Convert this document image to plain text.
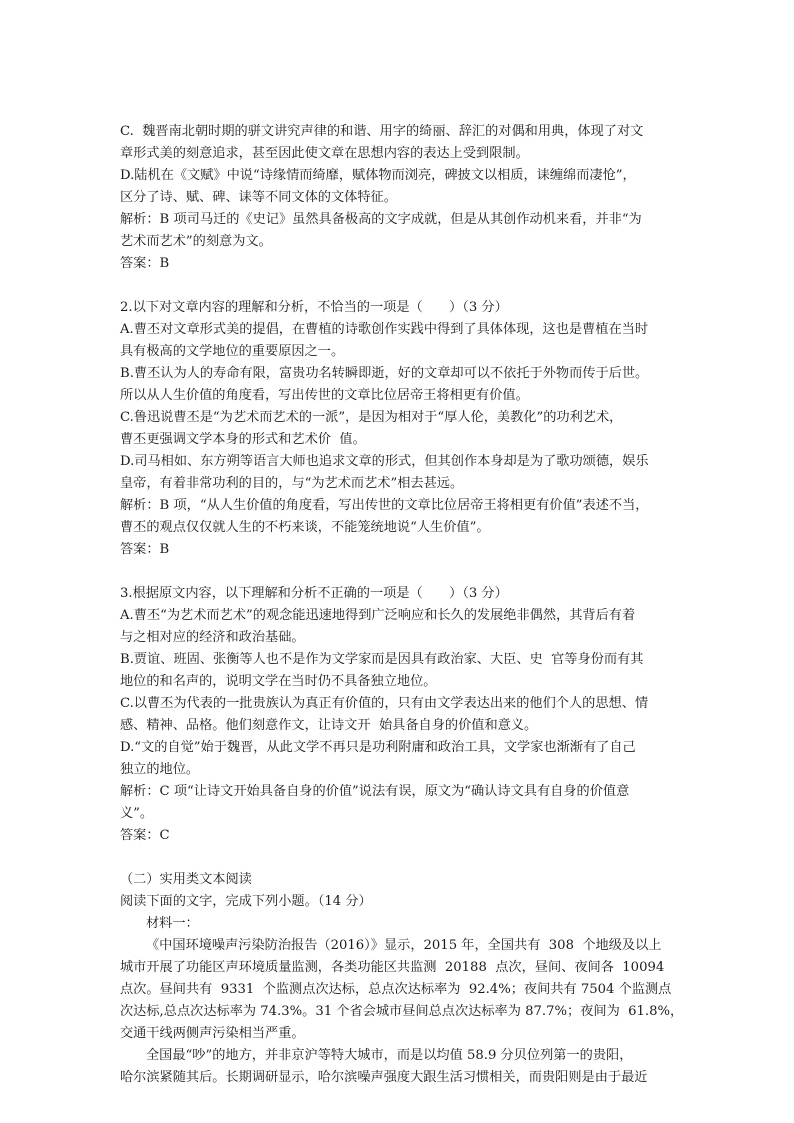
C.  魏晋南北朝时期的骈文讲究声律的和谐、用字的绮丽、辞汇的对偶和用典，体现了对文
章形式美的刻意追求，甚至因此使文章在思想内容的表达上受到限制。
D.陆机在《文赋》中说“诗缘情而绮靡，赋体物而浏亮，碑披文以相质，诔缠绵而凄怆”，
区分了诗、赋、碑、诔等不同文体的文体特征。
解析：B 项司马迁的《史记》虽然具备极高的文字成就，但是从其创作动机来看，并非“为
艺术而艺术”的刻意为文。
答案：B
2.以下对文章内容的理解和分析，不恰当的一项是（　　）（3 分）
A.曹丕对文章形式美的提倡，在曹植的诗歌创作实践中得到了具体体现，这也是曹植在当时
具有极高的文学地位的重要原因之一。
B.曹丕认为人的寿命有限，富贵功名转瞬即逝，好的文章却可以不依托于外物而传于后世。
所以从人生价值的角度看，写出传世的文章比位居帝王将相更有价值。
C.鲁迅说曹丕是“为艺术而艺术的一派”，是因为相对于“厚人伦，美教化”的功利艺术，
曹丕更强调文学本身的形式和艺术价  值。
D.司马相如、东方朔等语言大师也追求文章的形式，但其创作本身却是为了歌功颂德，娱乐
皇帝，有着非常功利的目的，与“为艺术而艺术”相去甚远。
解析：B 项，“从人生价值的角度看，写出传世的文章比位居帝王将相更有价值”表述不当，
曹丕的观点仅仅就人生的不朽来谈，不能笼统地说“人生价值”。
答案：B
3.根据原文内容，以下理解和分析不正确的一项是（　　）（3 分）
A.曹丕“为艺术而艺术”的观念能迅速地得到广泛响应和长久的发展绝非偶然，其背后有着
与之相对应的经济和政治基础。
B.贾谊、班固、张衡等人也不是作为文学家而是因具有政治家、大臣、史  官等身份而有其
地位的和名声的，说明文学在当时仍不具备独立地位。
C.以曹丕为代表的一批贵族认为真正有价值的，只有由文学表达出来的他们个人的思想、情
感、精神、品格。他们刻意作文，让诗文开  始具备自身的价值和意义。
D.“文的自觉”始于魏晋，从此文学不再只是功利附庸和政治工具，文学家也渐渐有了自己
独立的地位。
解析：C 项“让诗文开始具备自身的价值”说法有误，原文为“确认诗文具有自身的价值意
义”。
答案：C
（二）实用类文本阅读
阅读下面的文字，完成下列小题。（14 分）
材料一：
《中国环境噪声污染防治报告（2016）》显示，2015 年，全国共有  308  个地级及以上
城市开展了功能区声环境质量监测，各类功能区共监测  20188  点次，昼间、夜间各  10094
点次。昼间共有  9331  个监测点次达标，总点次达标率为  92.4%；夜间共有 7504 个监测点
次达标,总点次达标率为 74.3%。31 个省会城市昼间总点次达标率为 87.7%；夜间为  61.8%，
交通干线两侧声污染相当严重。
全国最“吵”的地方，并非京沪等特大城市，而是以均值 58.9 分贝位列第一的贵阳，
哈尔滨紧随其后。长期调研显示，哈尔滨噪声强度大跟生活习惯相关，而贵阳则是由于最近
